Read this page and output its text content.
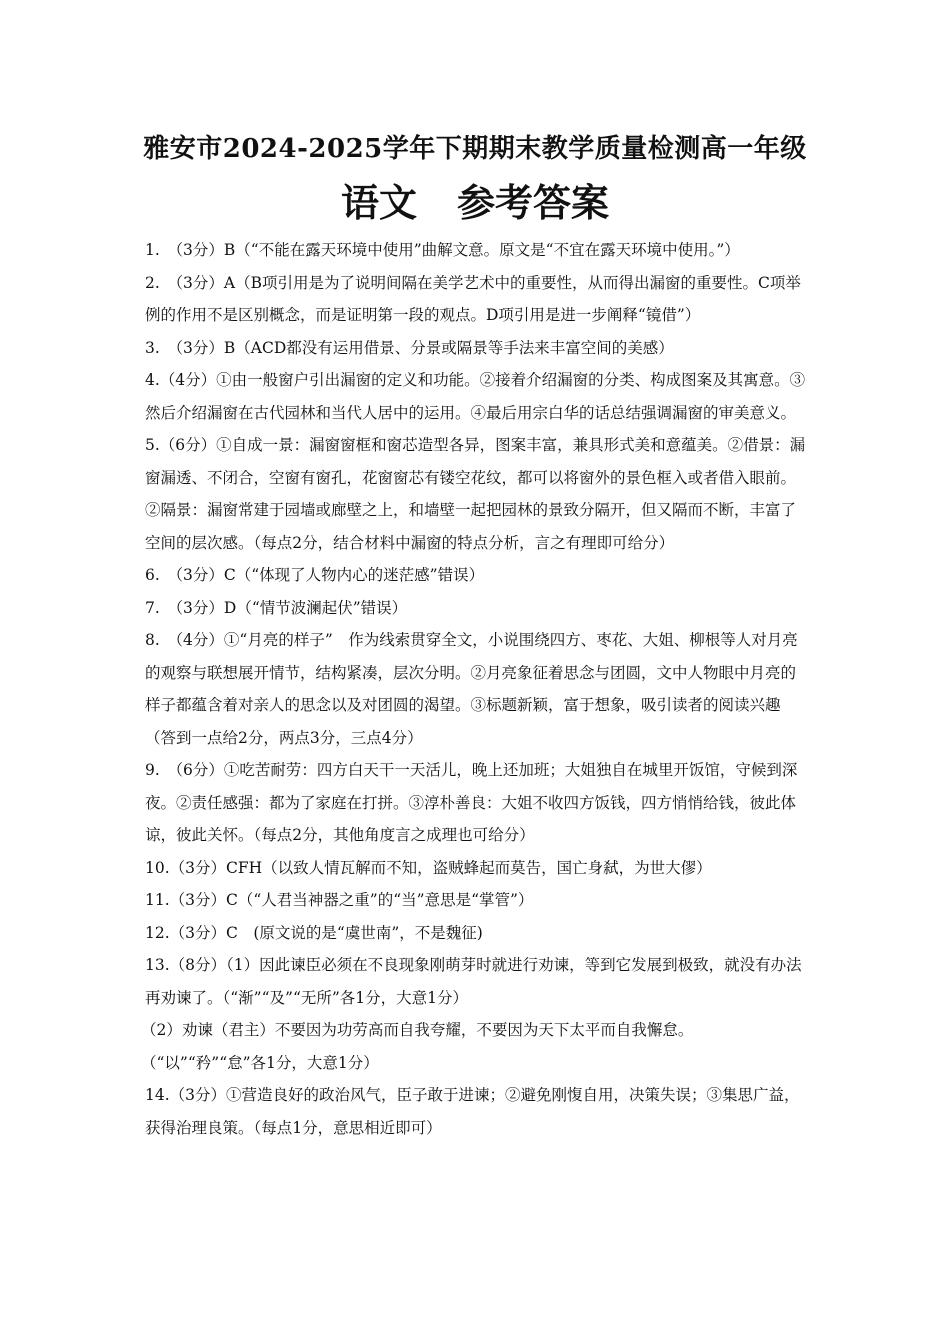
雅安市2024-2025学年下期期末教学质量检测高一年级
语文 参考答案

1.　（3分）B（“不能在露天环境中使用”曲解文意。原文是“不宜在露天环境中使用。”）

2.　（3分）A（B项引用是为了说明间隔在美学艺术中的重要性，从而得出漏窗的重要性。C项举例的作用不是区别概念，而是证明第一段的观点。D项引用是进一步阐释“镜借”）

3.　（3分）B（ACD都没有运用借景、分景或隔景等手法来丰富空间的美感）

4.（4分）①由一般窗户引出漏窗的定义和功能。②接着介绍漏窗的分类、构成图案及其寓意。③然后介绍漏窗在古代园林和当代人居中的运用。④最后用宗白华的话总结强调漏窗的审美意义。

5.（6分）①自成一景：漏窗窗框和窗芯造型各异，图案丰富，兼具形式美和意蕴美。②借景：漏窗漏透、不闭合，空窗有窗孔，花窗窗芯有镂空花纹，都可以将窗外的景色框入或者借入眼前。②隔景：漏窗常建于园墙或廊壁之上，和墙壁一起把园林的景致分隔开，但又隔而不断，丰富了空间的层次感。（每点2分，结合材料中漏窗的特点分析，言之有理即可给分）

6.　（3分）C（“体现了人物内心的迷茫感”错误）

7.　（3分）D（“情节波澜起伏”错误）

8.　（4分）①“月亮的样子”　作为线索贯穿全文，小说围绕四方、枣花、大姐、柳根等人对月亮的观察与联想展开情节，结构紧凑，层次分明。②月亮象征着思念与团圆，文中人物眼中月亮的样子都蕴含着对亲人的思念以及对团圆的渴望。③标题新颖，富于想象，吸引读者的阅读兴趣（答到一点给2分，两点3分，三点4分）

9.　（6分）①吃苦耐劳：四方白天干一天活儿，晚上还加班；大姐独自在城里开饭馆，守候到深夜。②责任感强：都为了家庭在打拼。③淳朴善良：大姐不收四方饭钱，四方悄悄给钱，彼此体谅，彼此关怀。（每点2分，其他角度言之成理也可给分）

10.（3分）CFH（以致人情瓦解而不知，盗贼蜂起而莫告，国亡身弑，为世大僇）

11.（3分）C（“人君当神器之重”的“当”意思是“掌管”）

12.（3分）C　(原文说的是“虞世南”，不是魏征)

13.（8分）（1）因此谏臣必须在不良现象刚萌芽时就进行劝谏，等到它发展到极致，就没有办法再劝谏了。（“渐”“及”“无所”各1分，大意1分）

（2）劝谏（君主）不要因为功劳高而自我夸耀，不要因为天下太平而自我懈怠。（“以”“矜”“怠”各1分，大意1分）

14.（3分）①营造良好的政治风气，臣子敢于进谏；②避免刚愎自用，决策失误；③集思广益，获得治理良策。（每点1分，意思相近即可）
